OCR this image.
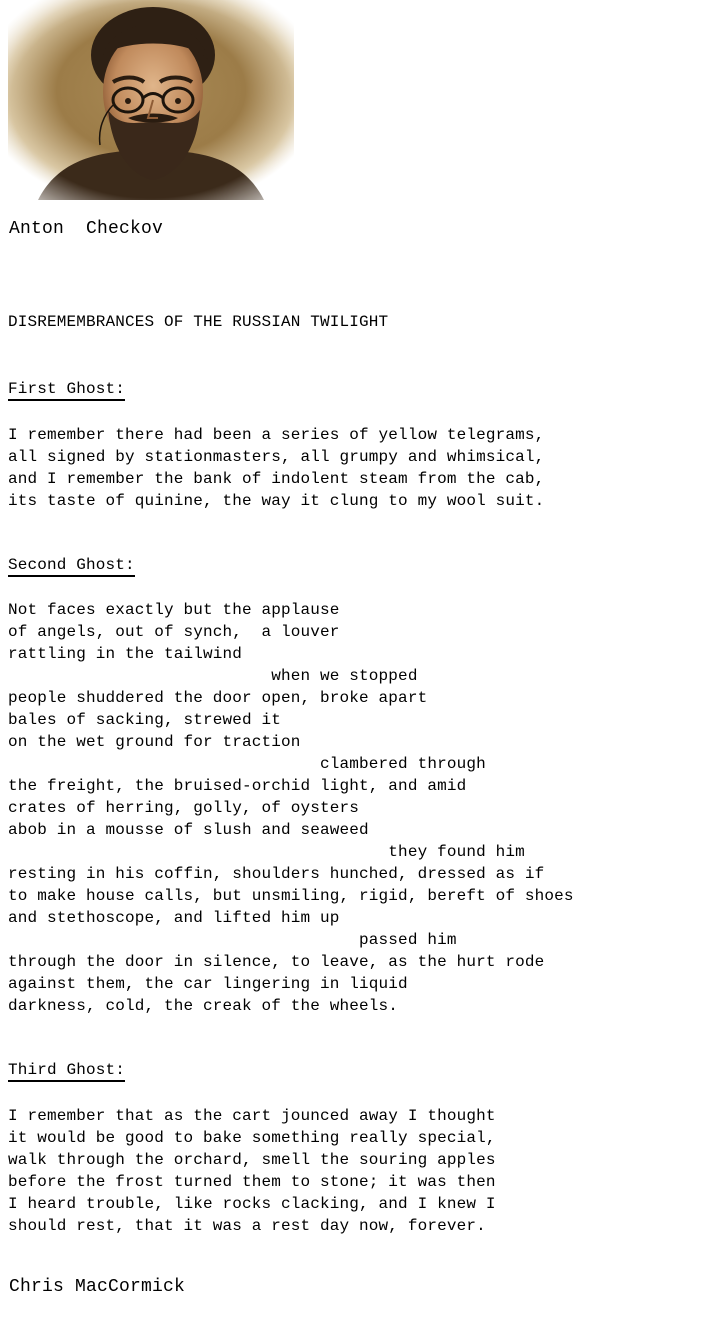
Anton  Checkov
DISREMEMBRANCES OF THE RUSSIAN TWILIGHT
First Ghost:
I remember there had been a series of yellow telegrams,
all signed by stationmasters, all grumpy and whimsical,
and I remember the bank of indolent steam from the cab,
its taste of quinine, the way it clung to my wool suit.
Second Ghost:
Not faces exactly but the applause
of angels, out of synch,  a louver
rattling in the tailwind
when we stopped
people shuddered the door open, broke apart
bales of sacking, strewed it
on the wet ground for traction
clambered through
the freight, the bruised-orchid light, and amid
crates of herring, golly, of oysters
abob in a mousse of slush and seaweed
they found him
resting in his coffin, shoulders hunched, dressed as if
to make house calls, but unsmiling, rigid, bereft of shoes
and stethoscope, and lifted him up
passed him
through the door in silence, to leave, as the hurt rode
against them, the car lingering in liquid
darkness, cold, the creak of the wheels.
Third Ghost:
I remember that as the cart jounced away I thought
it would be good to bake something really special,
walk through the orchard, smell the souring apples
before the frost turned them to stone; it was then
I heard trouble, like rocks clacking, and I knew I
should rest, that it was a rest day now, forever.
Chris MacCormick
